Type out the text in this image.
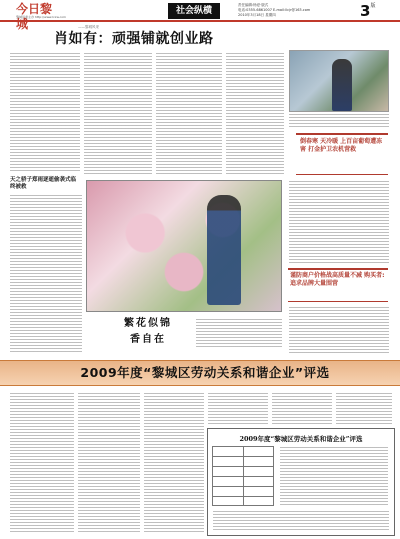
今日黎城
黎城县委主办 http://www.lcxw.com
社会纵横
责任编辑:杨爱·版式
电话:0355-6861007 E-mail:llcjr@163.com
2010年3月18日 星期四	$3^版$
——黎城风采
肖如有：顽强铺就创业路
倒春寒 天冷暖 上百亩葡萄遭冻害 打金护卫农机营救
谨防商户价格战高质量不减 购买者:追求品牌大量围营
天之骄子郑雨逐逝偷袭式临终被救
繁花似锦
香自在
2009年度“黎城区劳动关系和谐企业”评选
2009年度“黎城区劳动关系和谐企业”评选
